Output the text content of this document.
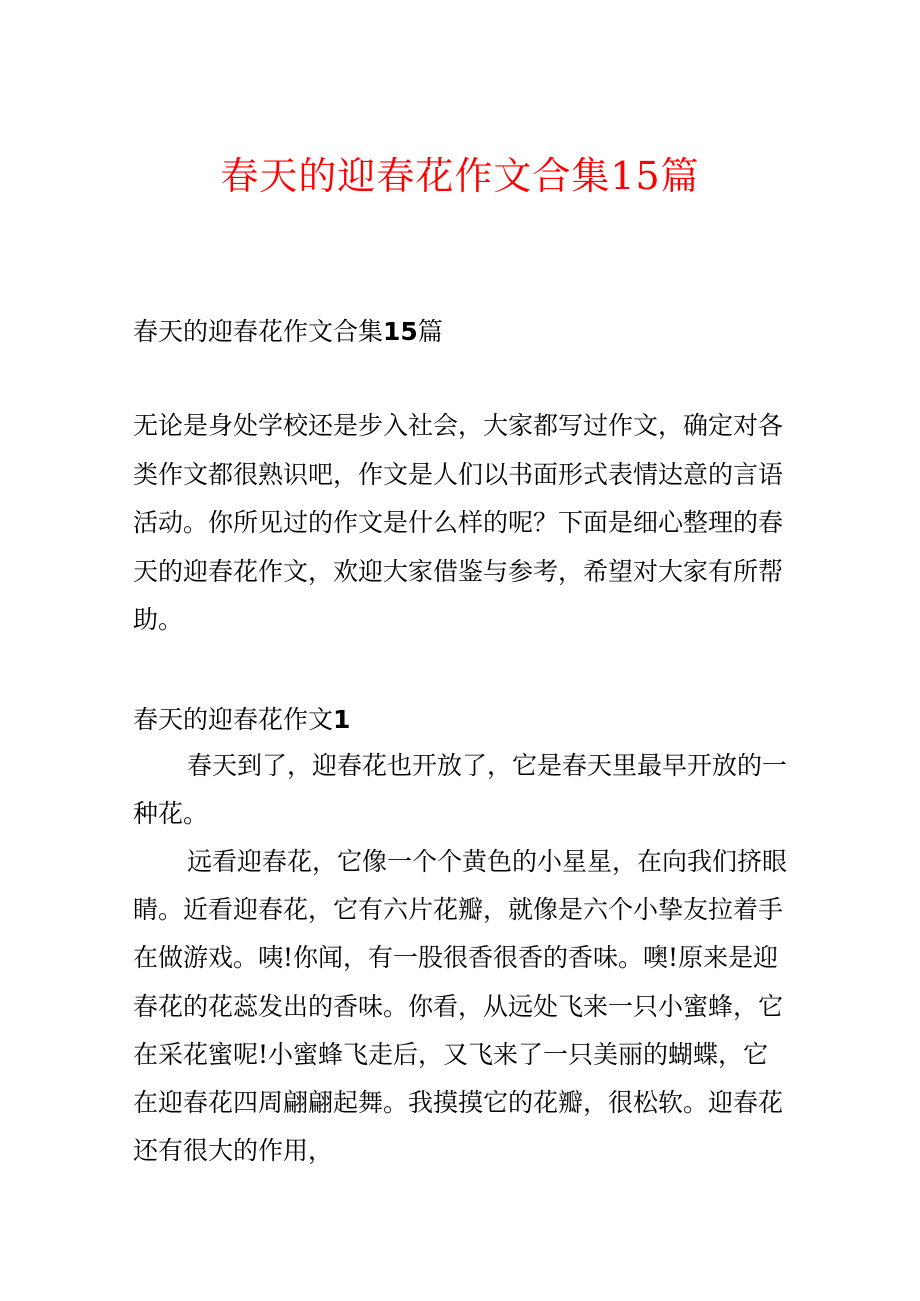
春天的迎春花作文合集15篇
春天的迎春花作文合集15篇

无论是身处学校还是步入社会，大家都写过作文，确定对各类作文都很熟识吧，作文是人们以书面形式表情达意的言语活动。你所见过的作文是什么样的呢？下面是细心整理的春天的迎春花作文，欢迎大家借鉴与参考，希望对大家有所帮助。

春天的迎春花作文1

春天到了，迎春花也开放了，它是春天里最早开放的一种花。

远看迎春花，它像一个个黄色的小星星，在向我们挤眼睛。近看迎春花，它有六片花瓣，就像是六个小挚友拉着手在做游戏。咦!你闻，有一股很香很香的香味。噢!原来是迎春花的花蕊发出的香味。你看，从远处飞来一只小蜜蜂，它在采花蜜呢!小蜜蜂飞走后，又飞来了一只美丽的蝴蝶，它在迎春花四周翩翩起舞。我摸摸它的花瓣，很松软。迎春花还有很大的作用，
